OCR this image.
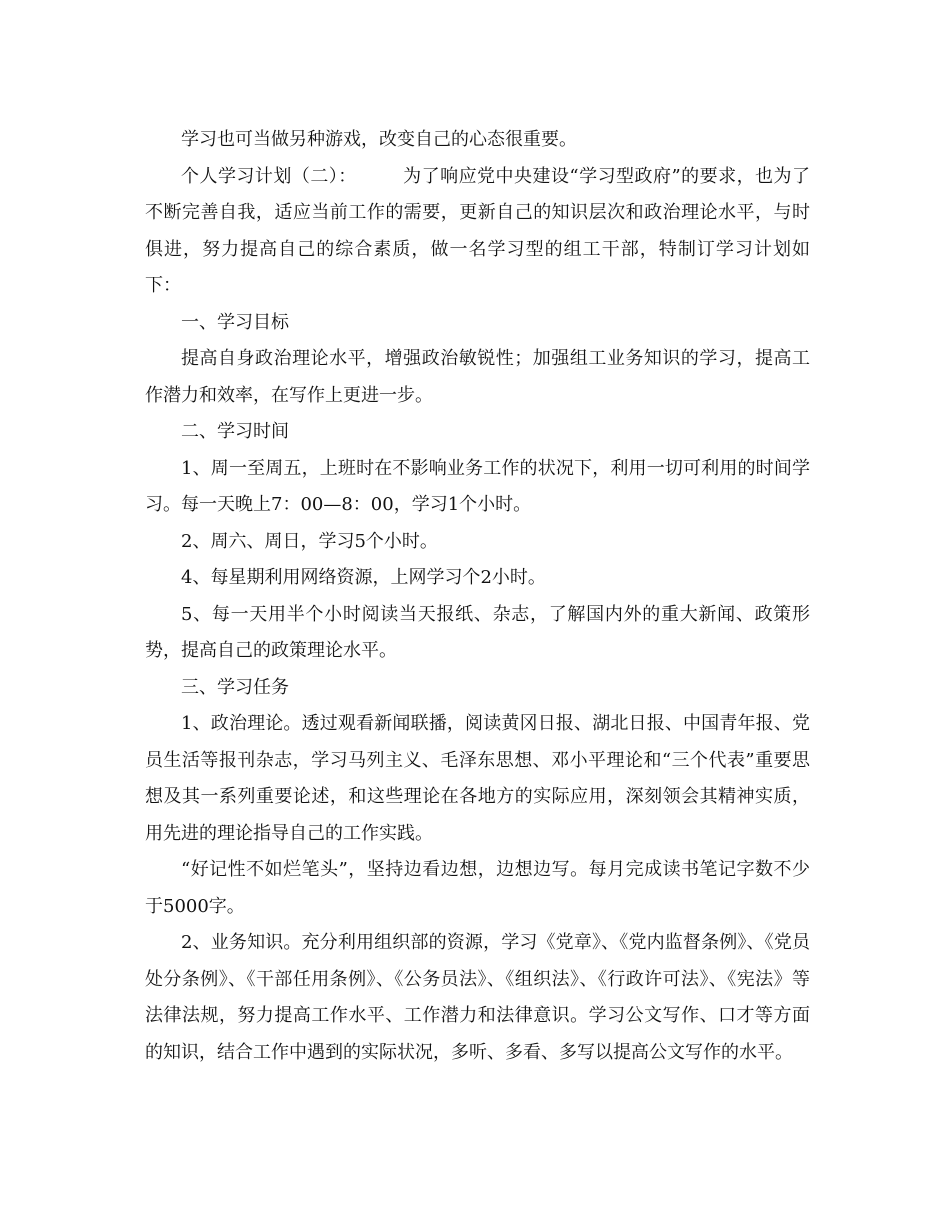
学习也可当做另种游戏，改变自己的心态很重要。

个人学习计划（二）：　　　为了响应党中央建设“学习型政府”的要求，也为了不断完善自我，适应当前工作的需要，更新自己的知识层次和政治理论水平，与时俱进，努力提高自己的综合素质，做一名学习型的组工干部，特制订学习计划如下：

一、学习目标

提高自身政治理论水平，增强政治敏锐性；加强组工业务知识的学习，提高工作潜力和效率，在写作上更进一步。

二、学习时间

1、周一至周五，上班时在不影响业务工作的状况下，利用一切可利用的时间学习。每一天晚上7：00—8：00，学习1个小时。

2、周六、周日，学习5个小时。

4、每星期利用网络资源，上网学习个2小时。

5、每一天用半个小时阅读当天报纸、杂志，了解国内外的重大新闻、政策形势，提高自己的政策理论水平。

三、学习任务

1、政治理论。透过观看新闻联播，阅读黄冈日报、湖北日报、中国青年报、党员生活等报刊杂志，学习马列主义、毛泽东思想、邓小平理论和“三个代表”重要思想及其一系列重要论述，和这些理论在各地方的实际应用，深刻领会其精神实质，用先进的理论指导自己的工作实践。

“好记性不如烂笔头”，坚持边看边想，边想边写。每月完成读书笔记字数不少于5000字。

2、业务知识。充分利用组织部的资源，学习《党章》、《党内监督条例》、《党员处分条例》、《干部任用条例》、《公务员法》、《组织法》、《行政许可法》、《宪法》等法律法规，努力提高工作水平、工作潜力和法律意识。学习公文写作、口才等方面的知识，结合工作中遇到的实际状况，多听、多看、多写以提高公文写作的水平。
